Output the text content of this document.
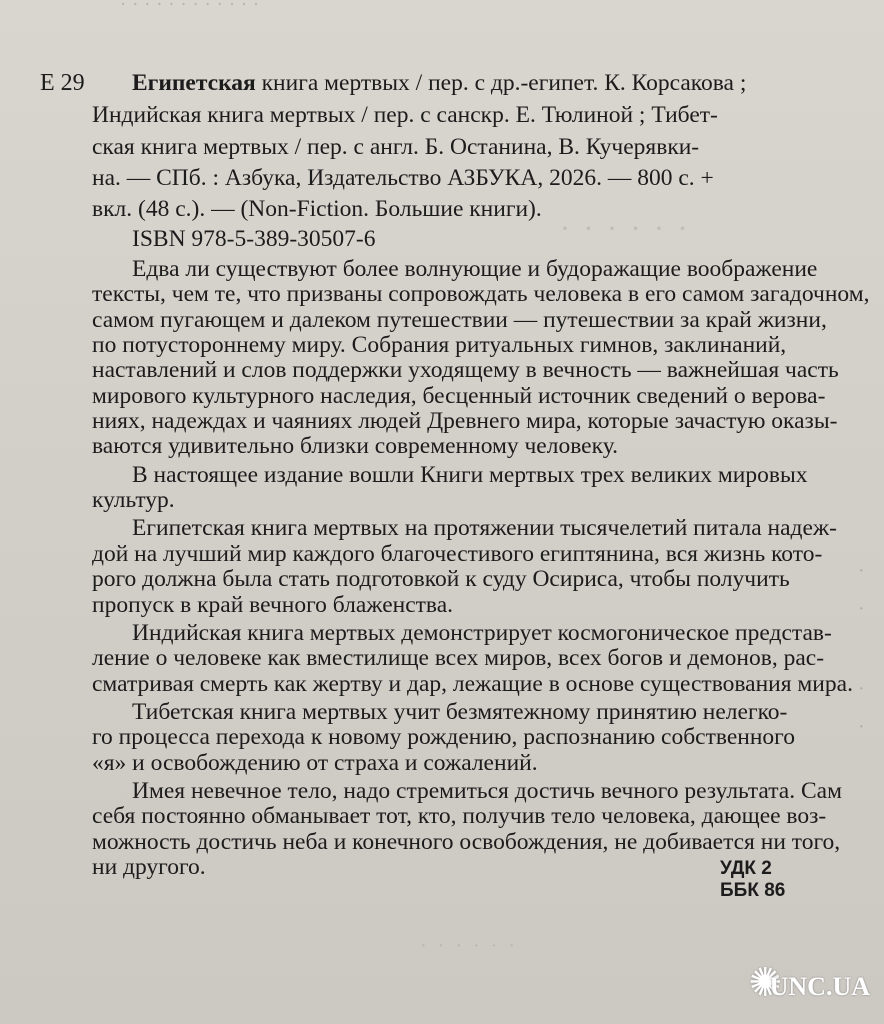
· · · · · · · · · · · ·
· · · · · ·
·
·
·
·
· · · · · ·
Е 29 Египетская книга мертвых / пер. с др.-египет. К. Корсакова ;
Индийская книга мертвых / пер. с санскр. Е. Тюлиной ; Тибет-
ская книга мертвых / пер. с англ. Б. Останина, В. Кучерявки-
на. — СПб. : Азбука, Издательство АЗБУКА, 2026. — 800 с. +
вкл. (48 с.). — (Non-Fiction. Большие книги).
ISBN 978-5-389-30507-6
Едва ли существуют более волнующие и будоражащие воображение
тексты, чем те, что призваны сопровождать человека в его самом загадочном,
самом пугающем и далеком путешествии — путешествии за край жизни,
по потустороннему миру. Собрания ритуальных гимнов, заклинаний,
наставлений и слов поддержки уходящему в вечность — важнейшая часть
мирового культурного наследия, бесценный источник сведений о верова-
ниях, надеждах и чаяниях людей Древнего мира, которые зачастую оказы-
ваются удивительно близки современному человеку.
В настоящее издание вошли Книги мертвых трех великих мировых
культур.
Египетская книга мертвых на протяжении тысячелетий питала надеж-
дой на лучший мир каждого благочестивого египтянина, вся жизнь кото-
рого должна была стать подготовкой к суду Осириса, чтобы получить
пропуск в край вечного блаженства.
Индийская книга мертвых демонстрирует космогоническое представ-
ление о человеке как вместилище всех миров, всех богов и демонов, рас-
сматривая смерть как жертву и дар, лежащие в основе существования мира.
Тибетская книга мертвых учит безмятежному принятию нелегко-
го процесса перехода к новому рождению, распознанию собственного
«я» и освобождению от страха и сожалений.
Имея невечное тело, надо стремиться достичь вечного результата. Сам
себя постоянно обманывает тот, кто, получив тело человека, дающее воз-
можность достичь неба и конечного освобождения, не добивается ни того,
ни другого.	УДК 2
ББК 86
✺
UNC.UA
